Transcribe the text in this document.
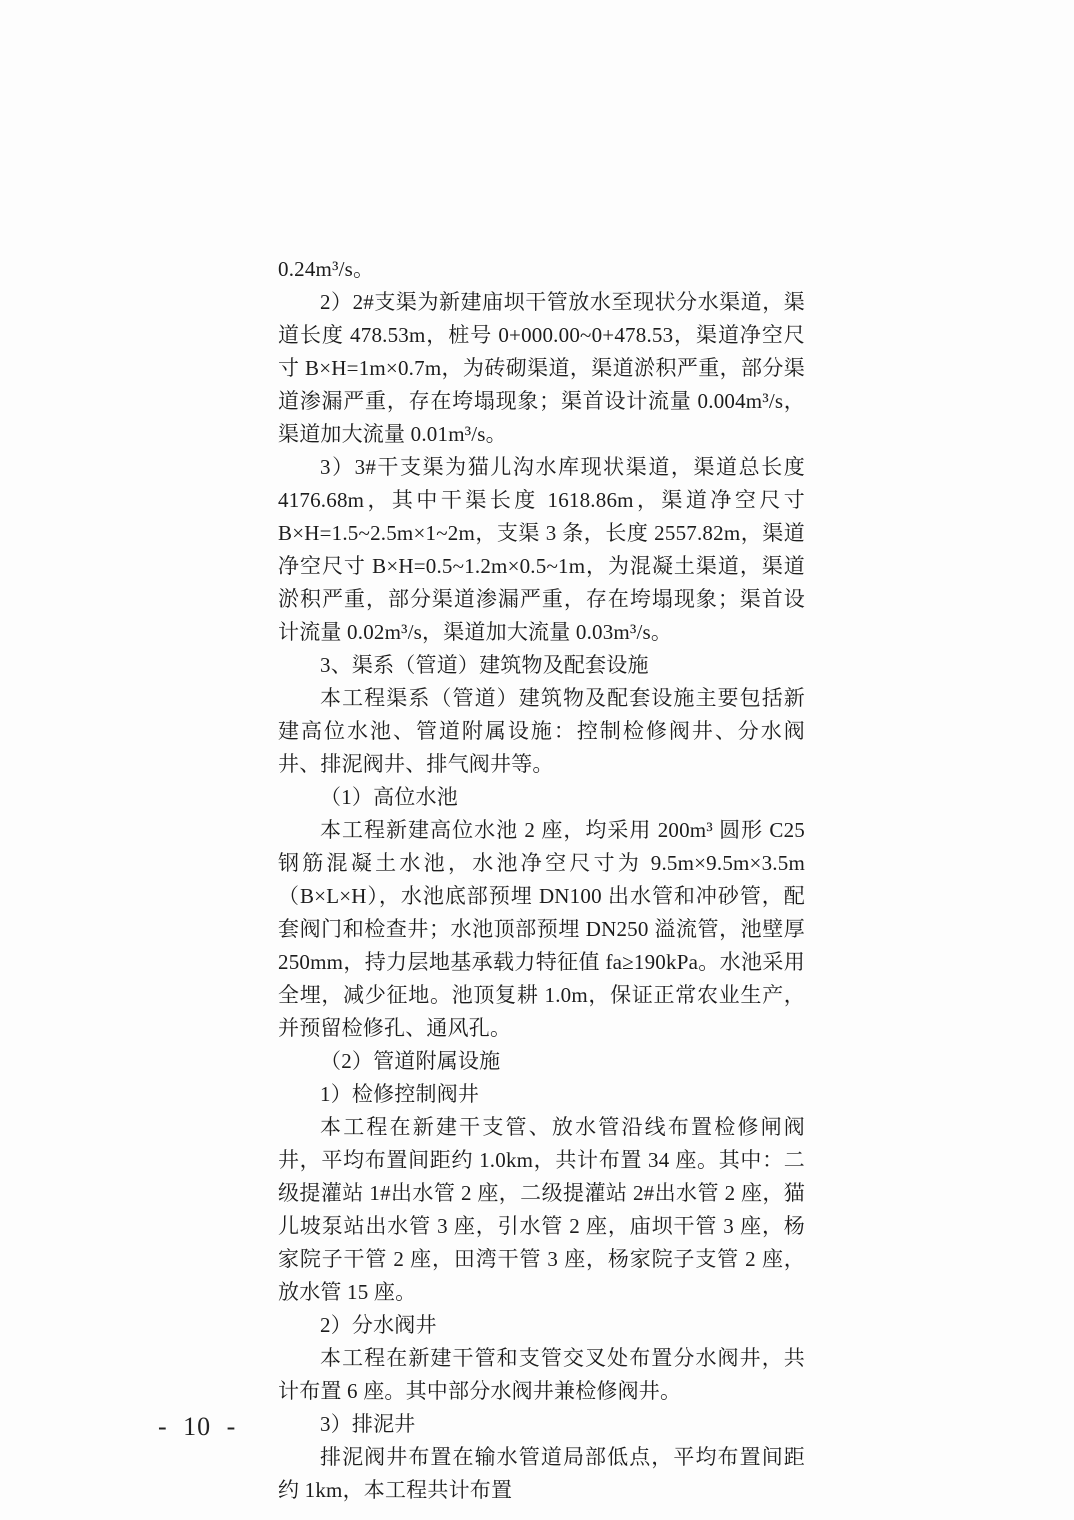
0.24m³/s。

2）2#支渠为新建庙坝干管放水至现状分水渠道，渠道长度 478.53m，桩号 0+000.00~0+478.53，渠道净空尺寸 B×H=1m×0.7m，为砖砌渠道，渠道淤积严重，部分渠道渗漏严重，存在垮塌现象；渠首设计流量 0.004m³/s，渠道加大流量 0.01m³/s。

3）3#干支渠为猫儿沟水库现状渠道，渠道总长度 4176.68m，其中干渠长度 1618.86m，渠道净空尺寸 B×H=1.5~2.5m×1~2m，支渠 3 条，长度 2557.82m，渠道净空尺寸 B×H=0.5~1.2m×0.5~1m，为混凝土渠道，渠道淤积严重，部分渠道渗漏严重，存在垮塌现象；渠首设计流量 0.02m³/s，渠道加大流量 0.03m³/s。

3、渠系（管道）建筑物及配套设施

本工程渠系（管道）建筑物及配套设施主要包括新建高位水池、管道附属设施：控制检修阀井、分水阀井、排泥阀井、排气阀井等。

（1）高位水池

本工程新建高位水池 2 座，均采用 200m³ 圆形 C25 钢筋混凝土水池，水池净空尺寸为 9.5m×9.5m×3.5m（B×L×H），水池底部预埋 DN100 出水管和冲砂管，配套阀门和检查井；水池顶部预埋 DN250 溢流管，池壁厚 250mm，持力层地基承载力特征值 fa≥190kPa。水池采用全埋，减少征地。池顶复耕 1.0m，保证正常农业生产，并预留检修孔、通风孔。

（2）管道附属设施

1）检修控制阀井

本工程在新建干支管、放水管沿线布置检修闸阀井，平均布置间距约 1.0km，共计布置 34 座。其中：二级提灌站 1#出水管 2 座，二级提灌站 2#出水管 2 座，猫儿坡泵站出水管 3 座，引水管 2 座，庙坝干管 3 座，杨家院子干管 2 座，田湾干管 3 座，杨家院子支管 2 座，放水管 15 座。

2）分水阀井

本工程在新建干管和支管交叉处布置分水阀井，共计布置 6 座。其中部分水阀井兼检修阀井。

3）排泥井

排泥阀井布置在输水管道局部低点，平均布置间距约 1km，本工程共计布置

- 10 -
